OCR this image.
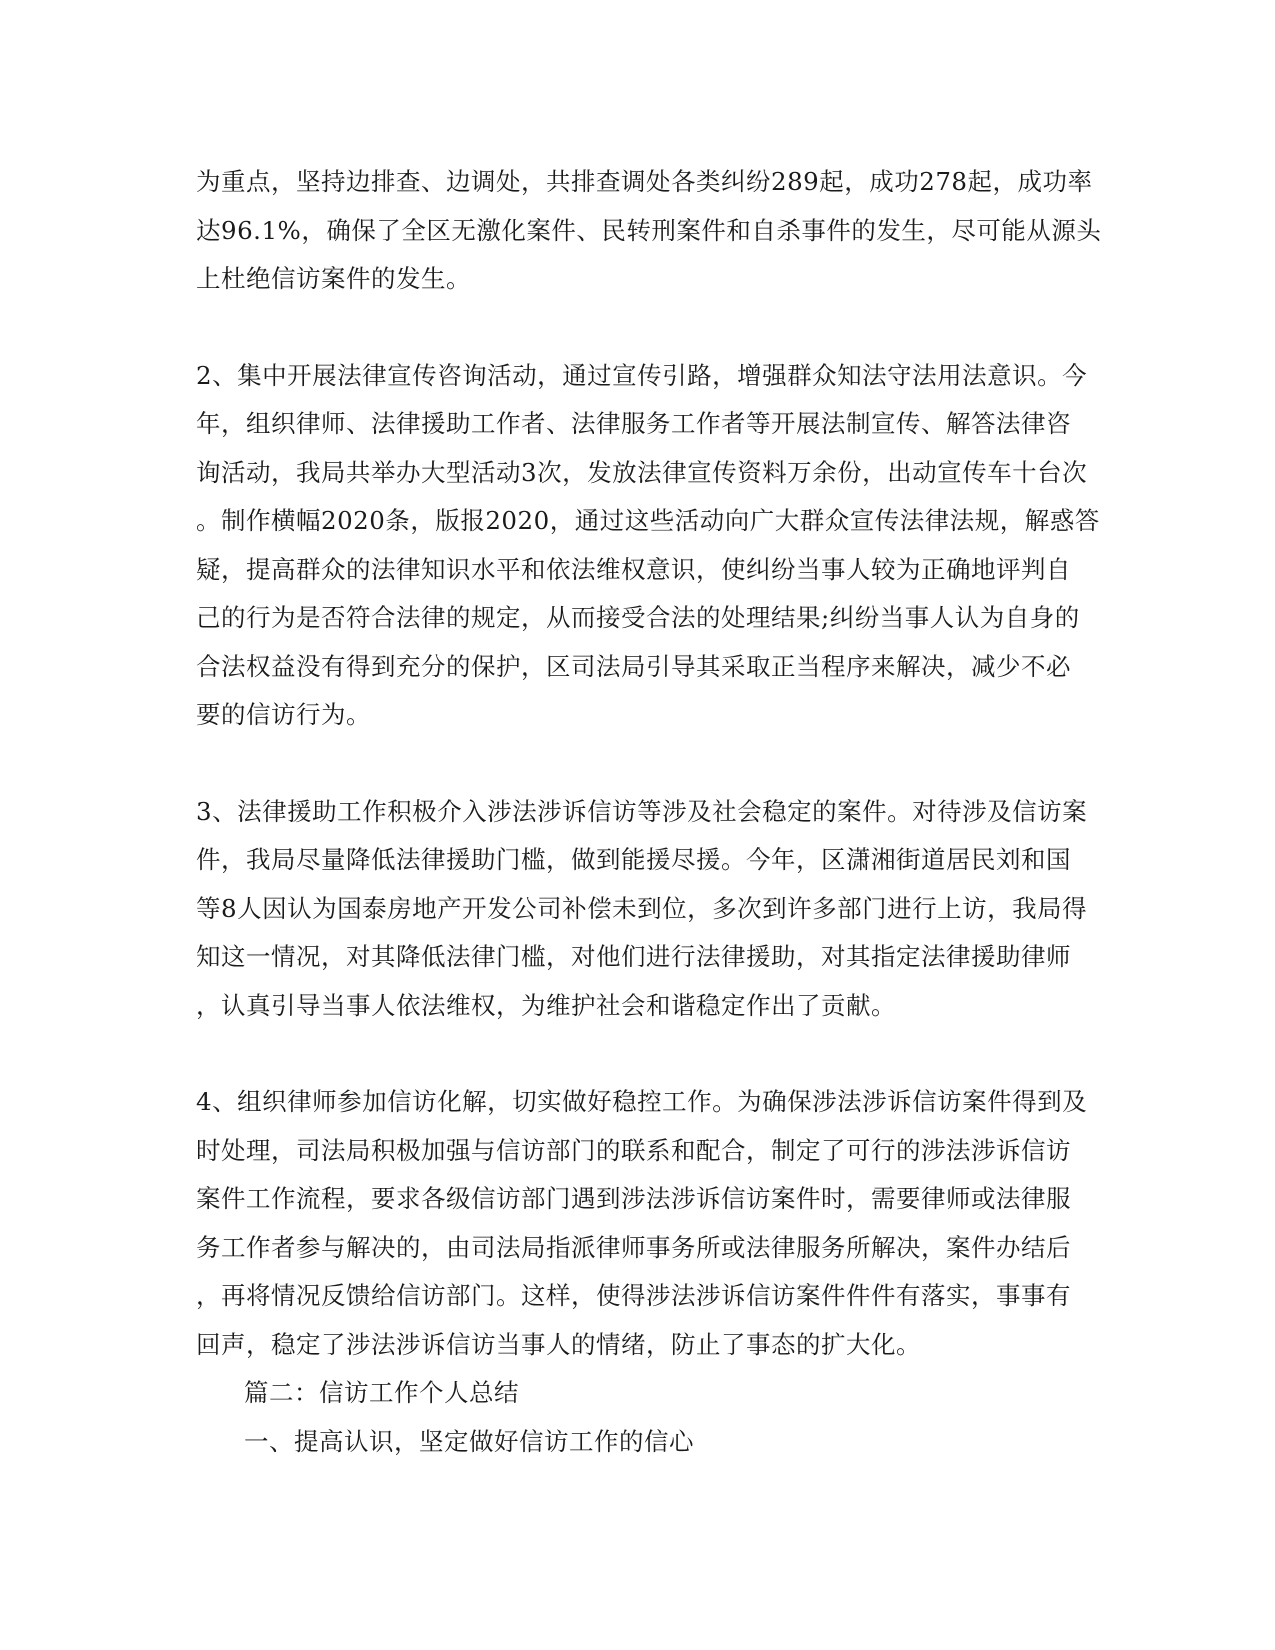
为重点，坚持边排查、边调处，共排查调处各类纠纷289起，成功278起，成功率
达96.1%，确保了全区无激化案件、民转刑案件和自杀事件的发生，尽可能从源头
上杜绝信访案件的发生。
2、集中开展法律宣传咨询活动，通过宣传引路，增强群众知法守法用法意识。今
年，组织律师、法律援助工作者、法律服务工作者等开展法制宣传、解答法律咨
询活动，我局共举办大型活动3次，发放法律宣传资料万余份，出动宣传车十台次
。制作横幅2020条，版报2020，通过这些活动向广大群众宣传法律法规，解惑答
疑，提高群众的法律知识水平和依法维权意识，使纠纷当事人较为正确地评判自
己的行为是否符合法律的规定，从而接受合法的处理结果;纠纷当事人认为自身的
合法权益没有得到充分的保护，区司法局引导其采取正当程序来解决，减少不必
要的信访行为。
3、法律援助工作积极介入涉法涉诉信访等涉及社会稳定的案件。对待涉及信访案
件，我局尽量降低法律援助门槛，做到能援尽援。今年，区潇湘街道居民刘和国
等8人因认为国泰房地产开发公司补偿未到位，多次到许多部门进行上访，我局得
知这一情况，对其降低法律门槛，对他们进行法律援助，对其指定法律援助律师
，认真引导当事人依法维权，为维护社会和谐稳定作出了贡献。
4、组织律师参加信访化解，切实做好稳控工作。为确保涉法涉诉信访案件得到及
时处理，司法局积极加强与信访部门的联系和配合，制定了可行的涉法涉诉信访
案件工作流程，要求各级信访部门遇到涉法涉诉信访案件时，需要律师或法律服
务工作者参与解决的，由司法局指派律师事务所或法律服务所解决，案件办结后
，再将情况反馈给信访部门。这样，使得涉法涉诉信访案件件件有落实，事事有
回声，稳定了涉法涉诉信访当事人的情绪，防止了事态的扩大化。
篇二：信访工作个人总结
一、提高认识，坚定做好信访工作的信心
